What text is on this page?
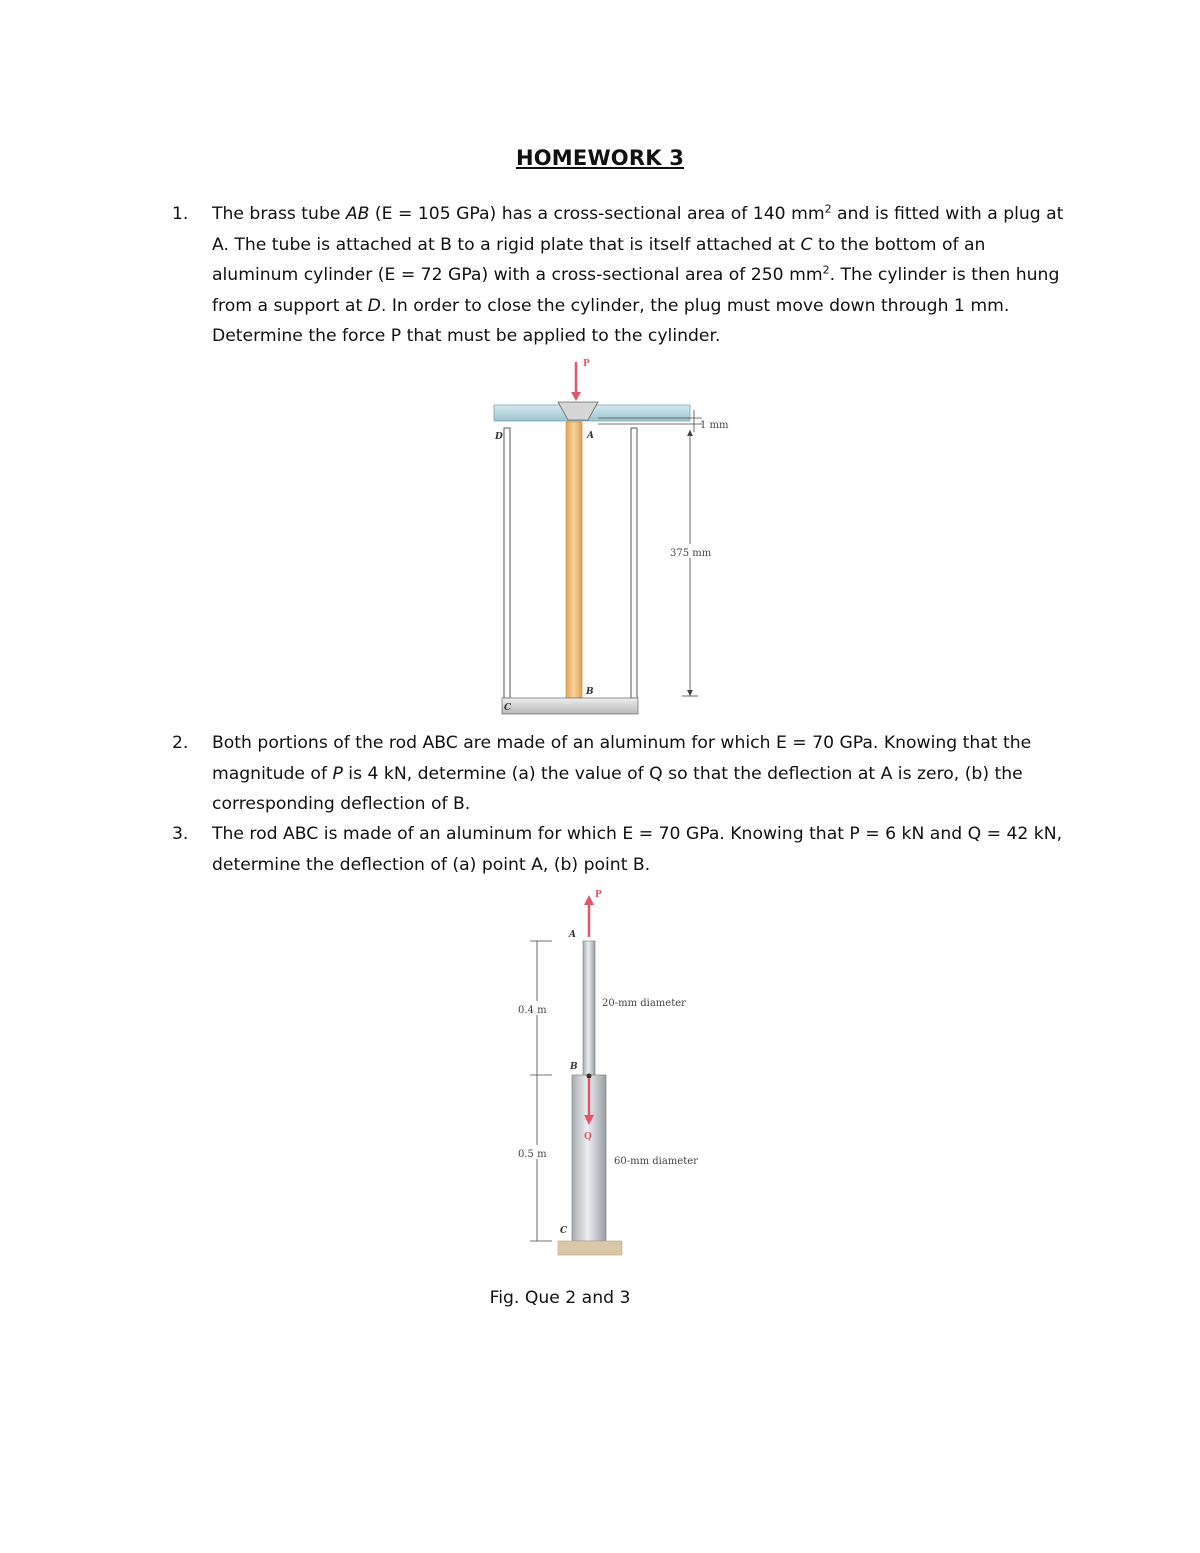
HOMEWORK 3
1.	The brass tube AB (E = 105 GPa) has a cross-sectional area of 140 $mm^2$ and is fitted with a plug at A. The tube is attached at B to a rigid plate that is itself attached at C to the bottom of an aluminum cylinder (E = 72 GPa) with a cross-sectional area of 250 $mm^2$. The cylinder is then hung from a support at D. In order to close the cylinder, the plug must move down through 1 mm. Determine the force P that must be applied to the cylinder.
P
D	A
B
C
1 mm
375 mm
2.	Both portions of the rod ABC are made of an aluminum for which E = 70 GPa. Knowing that the magnitude of P is 4 kN, determine (a) the value of Q so that the deflection at A is zero, (b) the corresponding deflection of B.
3.	The rod ABC is made of an aluminum for which E = 70 GPa. Knowing that P = 6 kN and Q = 42 kN, determine the deflection of (a) point A, (b) point B.
P
Q
A
B
C
0.4 m
0.5 m
20-mm diameter
60-mm diameter
Fig. Que 2 and 3
